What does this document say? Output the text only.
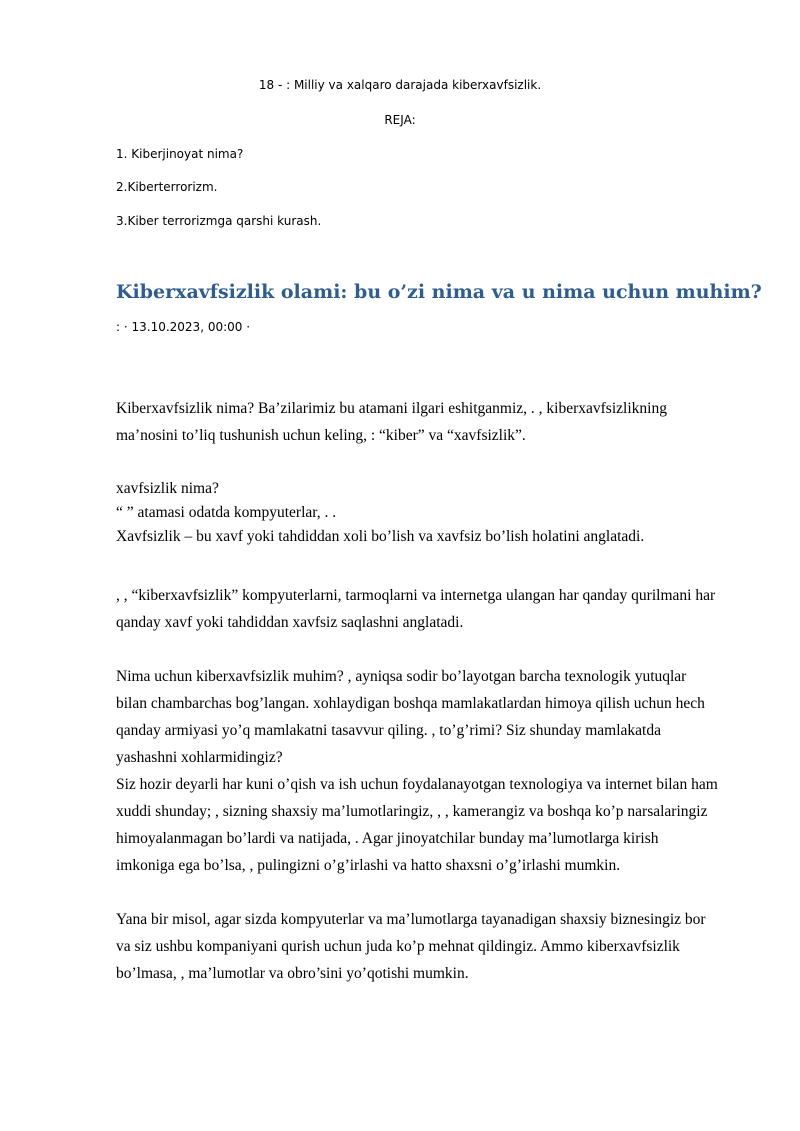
18 - : Milliy va xalqaro darajada kiberxavfsizlik.

REJA:

1. Kiberjinoyat nima?

2.Kiberterrorizm.

3.Kiber terrorizmga qarshi kurash.

Kiberxavfsizlik olami: bu o’zi nima va u nima uchun muhim?

: · 13.10.2023, 00:00 ·

Kiberxavfsizlik nima? Ba’zilarimiz bu atamani ilgari eshitganmiz, . , kiberxavfsizlikning
ma’nosini to’liq tushunish uchun keling, : “kiber” va “xavfsizlik”.
xavfsizlik nima?
“ ” atamasi odatda kompyuterlar, . .
Xavfsizlik – bu xavf yoki tahdiddan xoli bo’lish va xavfsiz bo’lish holatini anglatadi.
, , “kiberxavfsizlik” kompyuterlarni, tarmoqlarni va internetga ulangan har qanday qurilmani har
qanday xavf yoki tahdiddan xavfsiz saqlashni anglatadi.
Nima uchun kiberxavfsizlik muhim? , ayniqsa sodir bo’layotgan barcha texnologik yutuqlar
bilan chambarchas bog’langan. xohlaydigan boshqa mamlakatlardan himoya qilish uchun hech
qanday armiyasi yo’q mamlakatni tasavvur qiling. , to’g’rimi? Siz shunday mamlakatda
yashashni xohlarmidingiz?
Siz hozir deyarli har kuni o’qish va ish uchun foydalanayotgan texnologiya va internet bilan ham
xuddi shunday; , sizning shaxsiy ma’lumotlaringiz, , , kamerangiz va boshqa ko’p narsalaringiz
himoyalanmagan bo’lardi va natijada, . Agar jinoyatchilar bunday ma’lumotlarga kirish
imkoniga ega bo’lsa, , pulingizni o’g’irlashi va hatto shaxsni o’g’irlashi mumkin.
Yana bir misol, agar sizda kompyuterlar va ma’lumotlarga tayanadigan shaxsiy biznesingiz bor
va siz ushbu kompaniyani qurish uchun juda ko’p mehnat qildingiz. Ammo kiberxavfsizlik
bo’lmasa, , ma’lumotlar va obro’sini yo’qotishi mumkin.
